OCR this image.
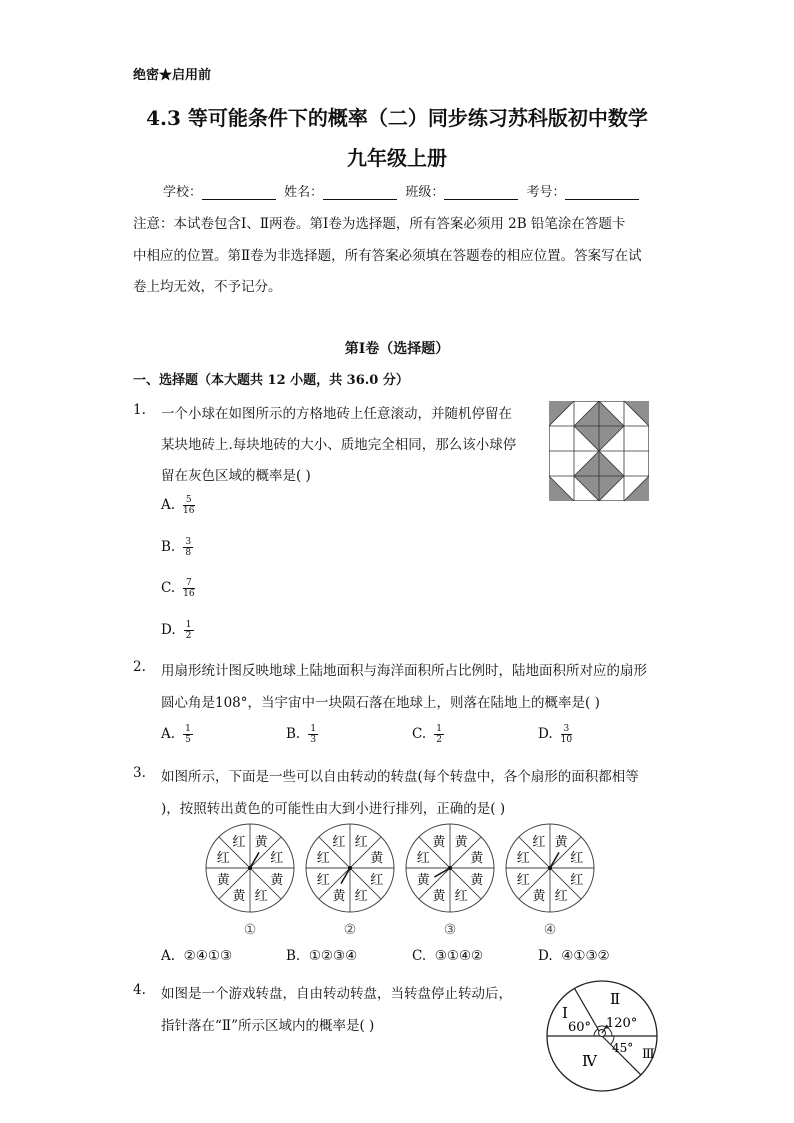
绝密★启用前
4.3 等可能条件下的概率（二）同步练习苏科版初中数学
九年级上册
学校：	姓名：	班级：	考号：
注意：本试卷包含Ⅰ、Ⅱ两卷。第Ⅰ卷为选择题，所有答案必须用 2B 铅笔涂在答题卡
中相应的位置。第Ⅱ卷为非选择题，所有答案必须填在答题卷的相应位置。答案写在试
卷上均无效，不予记分。
第Ⅰ卷（选择题）
一、选择题（本大题共 12 小题，共 36.0 分）
1. 一个小球在如图所示的方格地砖上任意滚动，并随机停留在
某块地砖上.每块地砖的大小、质地完全相同，那么该小球停
留在灰色区域的概率是( )
A. $\frac{5}{16}$
B. $\frac{3}{8}$
C. $\frac{7}{16}$
D. $\frac{1}{2}$
2. 用扇形统计图反映地球上陆地面积与海洋面积所占比例时，陆地面积所对应的扇形
圆心角是108°，当宇宙中一块陨石落在地球上，则落在陆地上的概率是( )
A. $\frac{1}{5}$	B. $\frac{1}{3}$	C. $\frac{1}{2}$	D. $\frac{3}{10}$
3. 如图所示，下面是一些可以自由转动的转盘(每个转盘中，各个扇形的面积都相等
)，按照转出黄色的可能性由大到小进行排列，正确的是( )
黄
红
黄
红
黄
黄
红
红
①
红
黄
红
红
黄
红
红
红
②
黄
黄
黄
红
黄
黄
红
黄
③
黄
红
红
红
黄
红
红
红
④
A. ②④①③	B. ①②③④	C. ③①④②	D. ④①③②
4. 如图是一个游戏转盘，自由转动转盘，当转盘停止转动后，
指针落在“Ⅱ”所示区域内的概率是( )
Ⅰ
Ⅱ
Ⅲ
Ⅳ
60° 120°
45°
